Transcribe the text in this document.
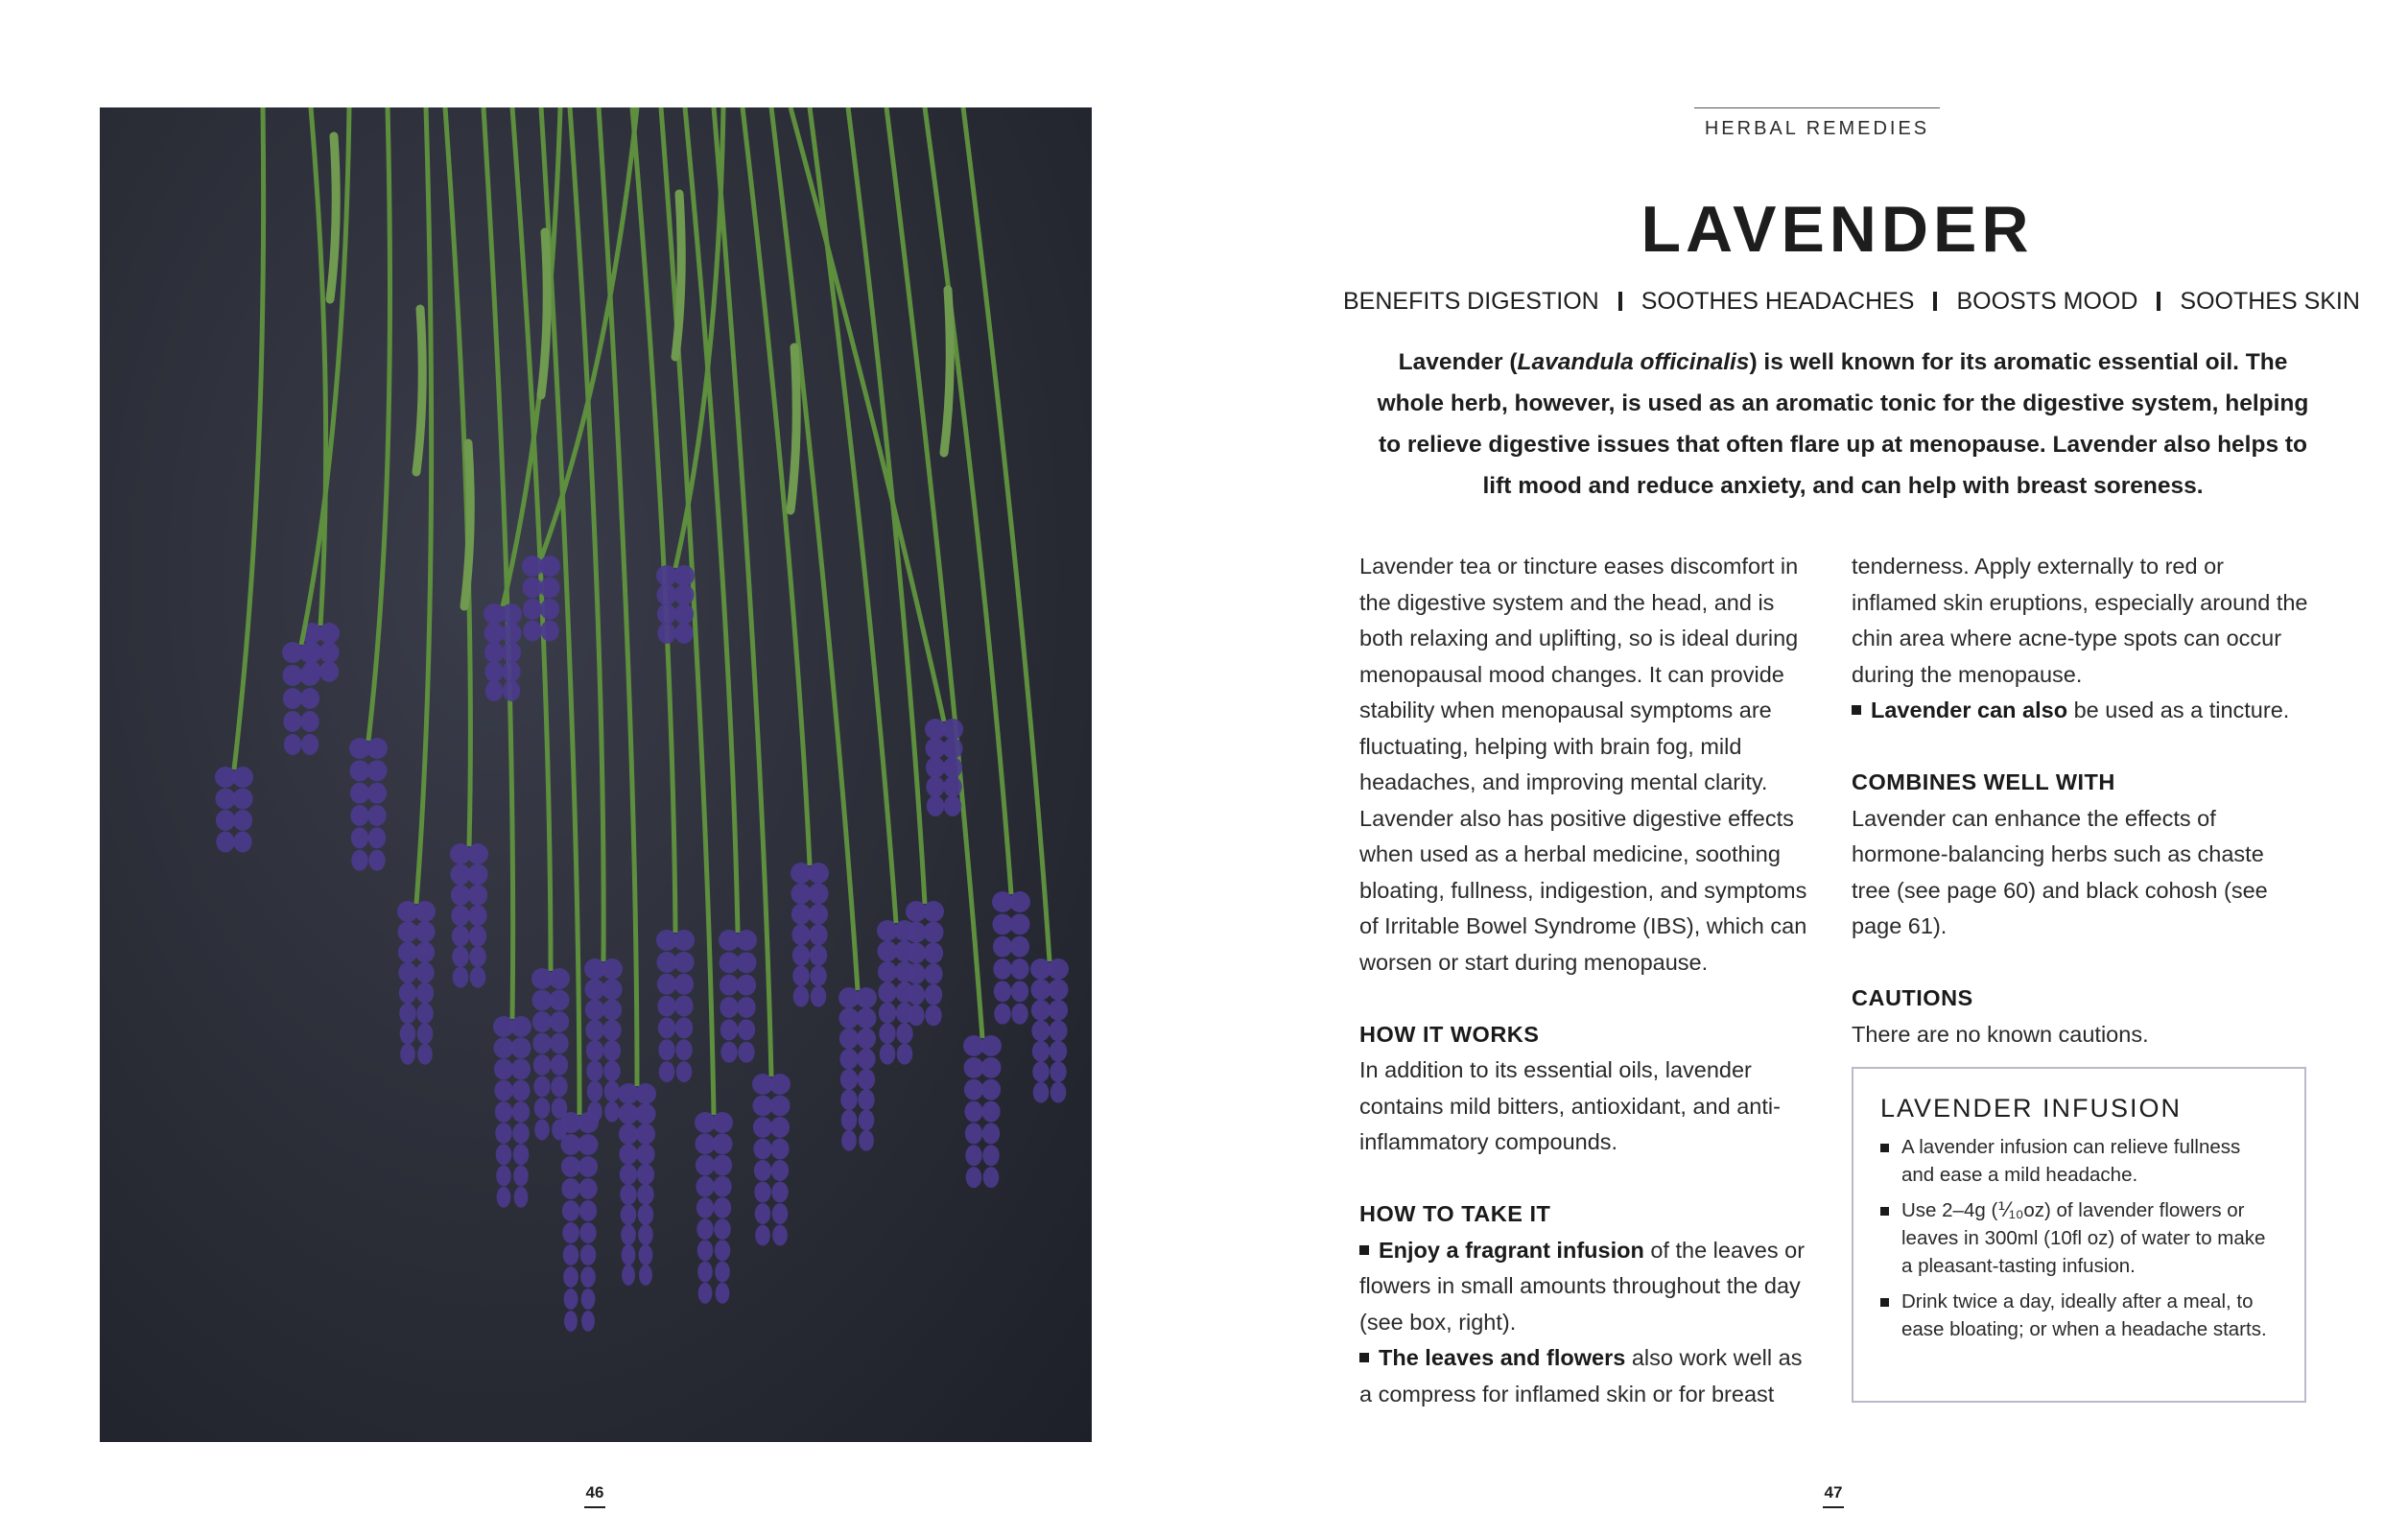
46
HERBAL REMEDIES
LAVENDER
BENEFITS DIGESTION SOOTHES HEADACHES BOOSTS MOOD SOOTHES SKIN
Lavender (Lavandula officinalis) is well known for its aromatic essential oil. The whole herb, however, is used as an aromatic tonic for the digestive system, helping to relieve digestive issues that often flare up at menopause. Lavender also helps to lift mood and reduce anxiety, and can help with breast soreness.

Lavender tea or tincture eases discomfort in the digestive system and the head, and is both relaxing and uplifting, so is ideal during menopausal mood changes. It can provide stability when menopausal symptoms are fluctuating, helping with brain fog, mild headaches, and improving mental clarity. Lavender also has positive digestive effects when used as a herbal medicine, soothing bloating, fullness, indigestion, and symptoms of Irritable Bowel Syndrome (IBS), which can worsen or start during menopause.

HOW IT WORKS

In addition to its essential oils, lavender contains mild bitters, antioxidant, and anti-inflammatory compounds.

HOW TO TAKE IT

Enjoy a fragrant infusion of the leaves or flowers in small amounts throughout the day (see box, right).

The leaves and flowers also work well as a compress for inflamed skin or for breast

tenderness. Apply externally to red or inflamed skin eruptions, especially around the chin area where acne-type spots can occur during the menopause.

Lavender can also be used as a tincture.

COMBINES WELL WITH

Lavender can enhance the effects of hormone-balancing herbs such as chaste tree (see page 60) and black cohosh (see page 61).

CAUTIONS

There are no known cautions.

LAVENDER INFUSION
A lavender infusion can relieve fullness and ease a mild headache.
Use 2–4g (⅟₁₀oz) of lavender flowers or leaves in 300ml (10fl oz) of water to make a pleasant-tasting infusion.
Drink twice a day, ideally after a meal, to ease bloating; or when a headache starts.
47
